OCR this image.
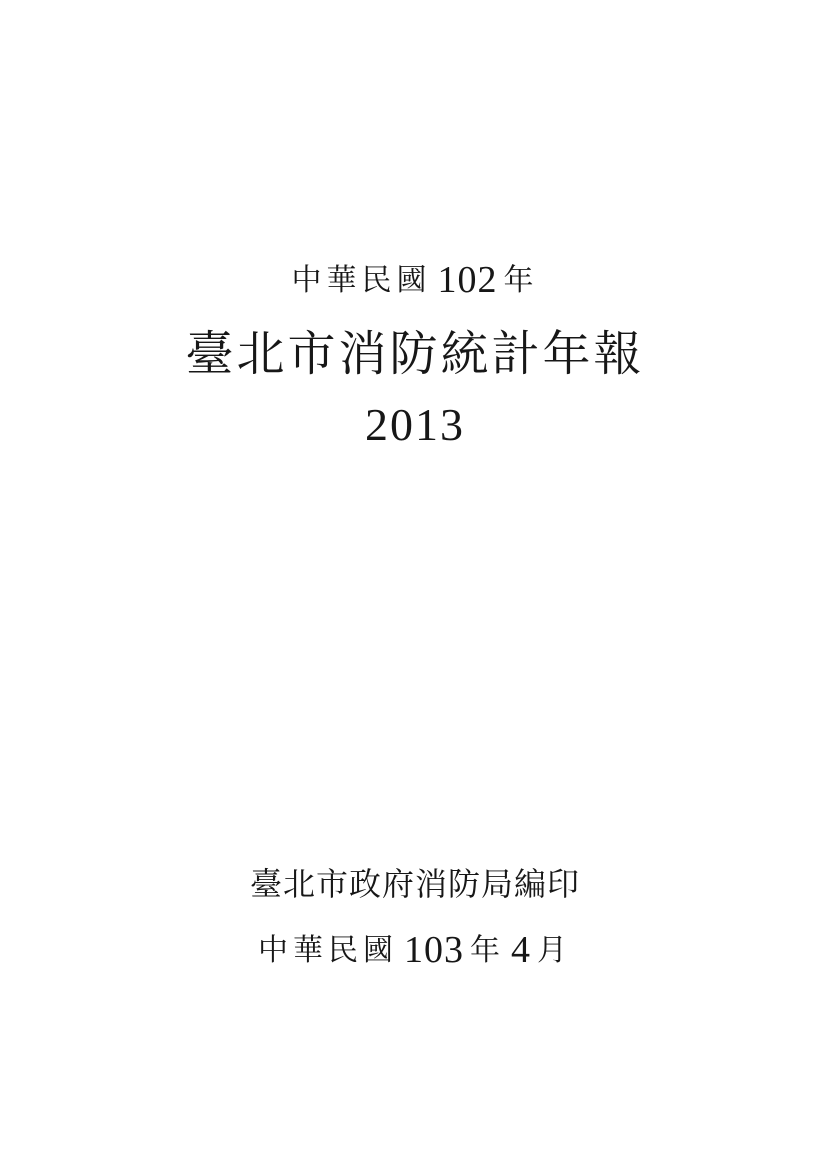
中華民國 102 年
臺北市消防統計年報
2013
臺北市政府消防局編印
中華民國 103 年 4 月
